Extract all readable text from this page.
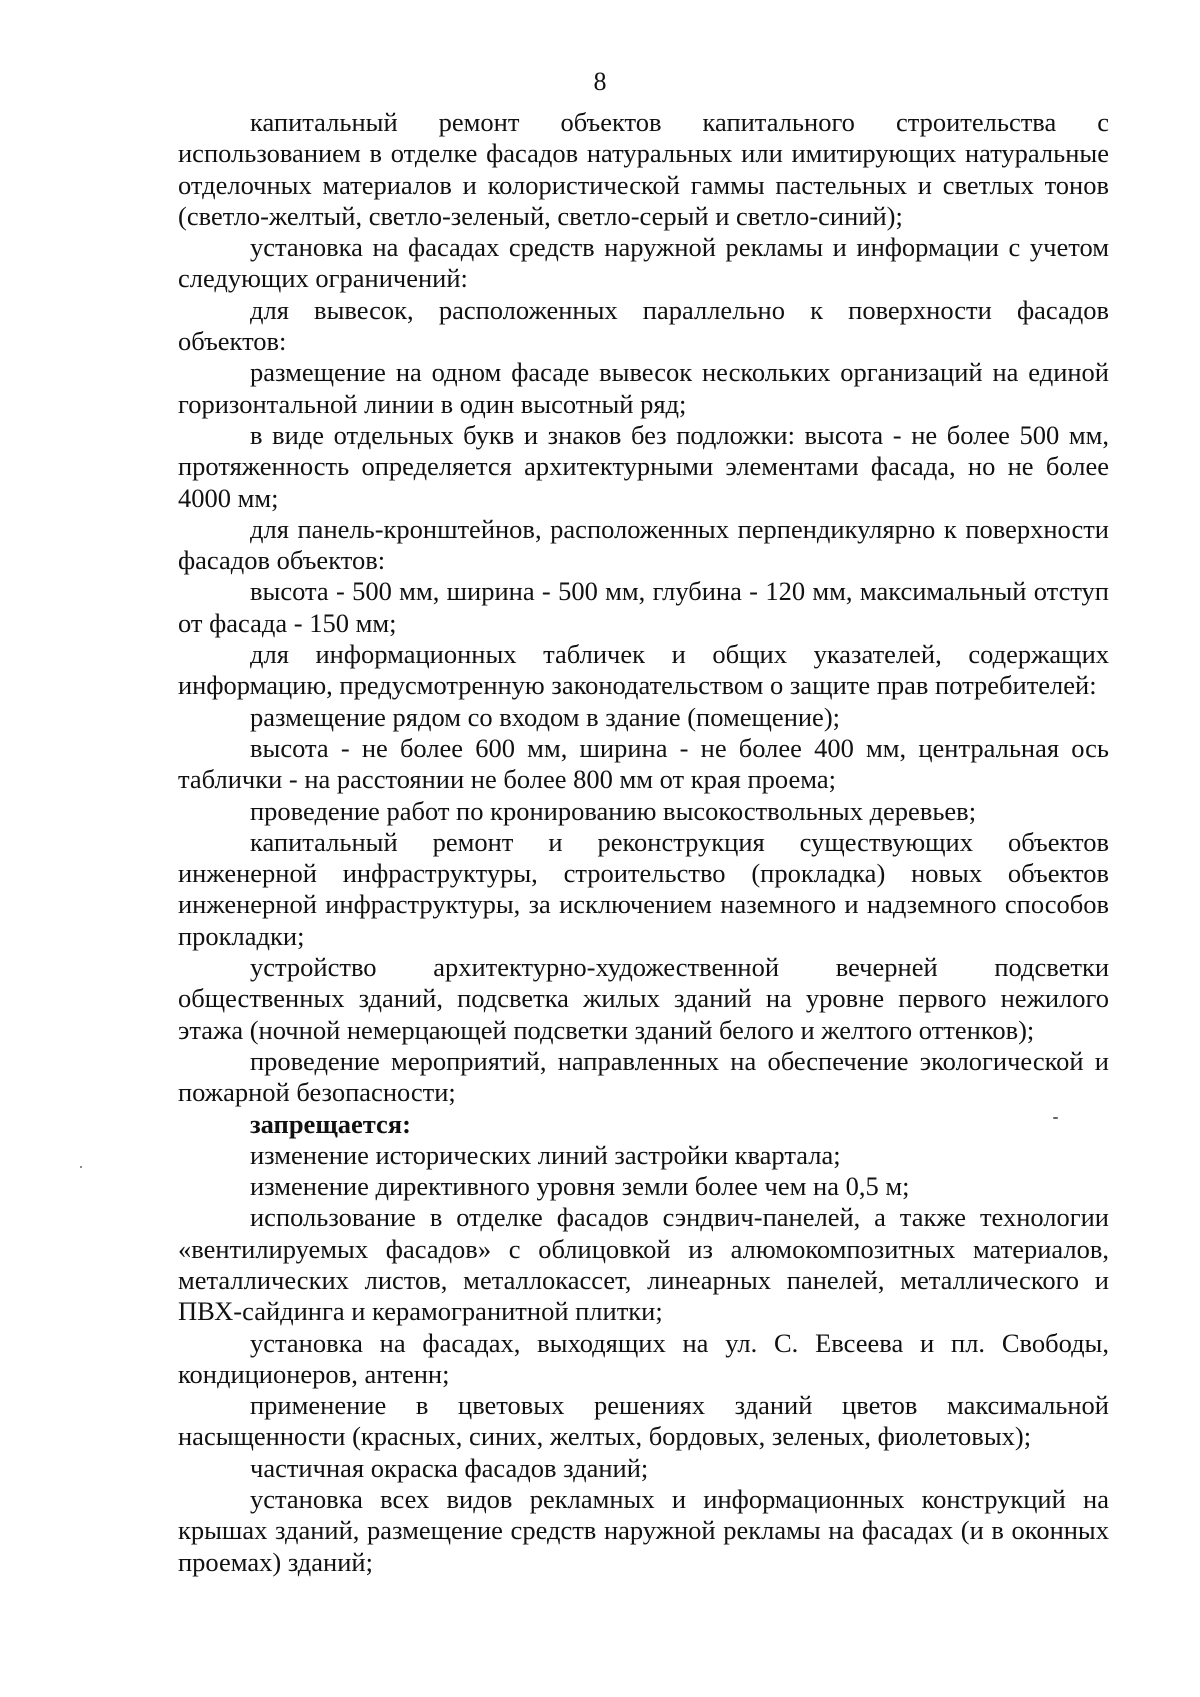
8

капитальный ремонт объектов капитального строительства с использованием в отделке фасадов натуральных или имитирующих натуральные отделочных материалов и колористической гаммы пастельных и светлых тонов (светло-желтый, светло-зеленый, светло-серый и светло-синий);

установка на фасадах средств наружной рекламы и информации с учетом следующих ограничений:

для вывесок, расположенных параллельно к поверхности фасадов объектов:

размещение на одном фасаде вывесок нескольких организаций на единой горизонтальной линии в один высотный ряд;

в виде отдельных букв и знаков без подложки: высота - не более 500 мм, протяженность определяется архитектурными элементами фасада, но не более 4000 мм;

для панель-кронштейнов, расположенных перпендикулярно к поверхности фасадов объектов:

высота - 500 мм, ширина - 500 мм, глубина - 120 мм, максимальный отступ от фасада - 150 мм;

для информационных табличек и общих указателей, содержащих информацию, предусмотренную законодательством о защите прав потребителей:

размещение рядом со входом в здание (помещение);

высота - не более 600 мм, ширина - не более 400 мм, центральная ось таблички - на расстоянии не более 800 мм от края проема;

проведение работ по кронированию высокоствольных деревьев;

капитальный ремонт и реконструкция существующих объектов инженерной инфраструктуры, строительство (прокладка) новых объектов инженерной инфраструктуры, за исключением наземного и надземного способов прокладки;

устройство архитектурно-художественной вечерней подсветки общественных зданий, подсветка жилых зданий на уровне первого нежилого этажа (ночной немерцающей подсветки зданий белого и желтого оттенков);

проведение мероприятий, направленных на обеспечение экологической и пожарной безопасности;

запрещается:

изменение исторических линий застройки квартала;

изменение директивного уровня земли более чем на 0,5 м;

использование в отделке фасадов сэндвич-панелей, а также технологии «вентилируемых фасадов» с облицовкой из алюмокомпозитных материалов, металлических листов, металлокассет, линеарных панелей, металлического и ПВХ-сайдинга и керамогранитной плитки;

установка на фасадах, выходящих на ул. С. Евсеева и пл. Свободы, кондиционеров, антенн;

применение в цветовых решениях зданий цветов максимальной насыщенности (красных, синих, желтых, бордовых, зеленых, фиолетовых);

частичная окраска фасадов зданий;

установка всех видов рекламных и информационных конструкций на крышах зданий, размещение средств наружной рекламы на фасадах (и в оконных проемах) зданий;
